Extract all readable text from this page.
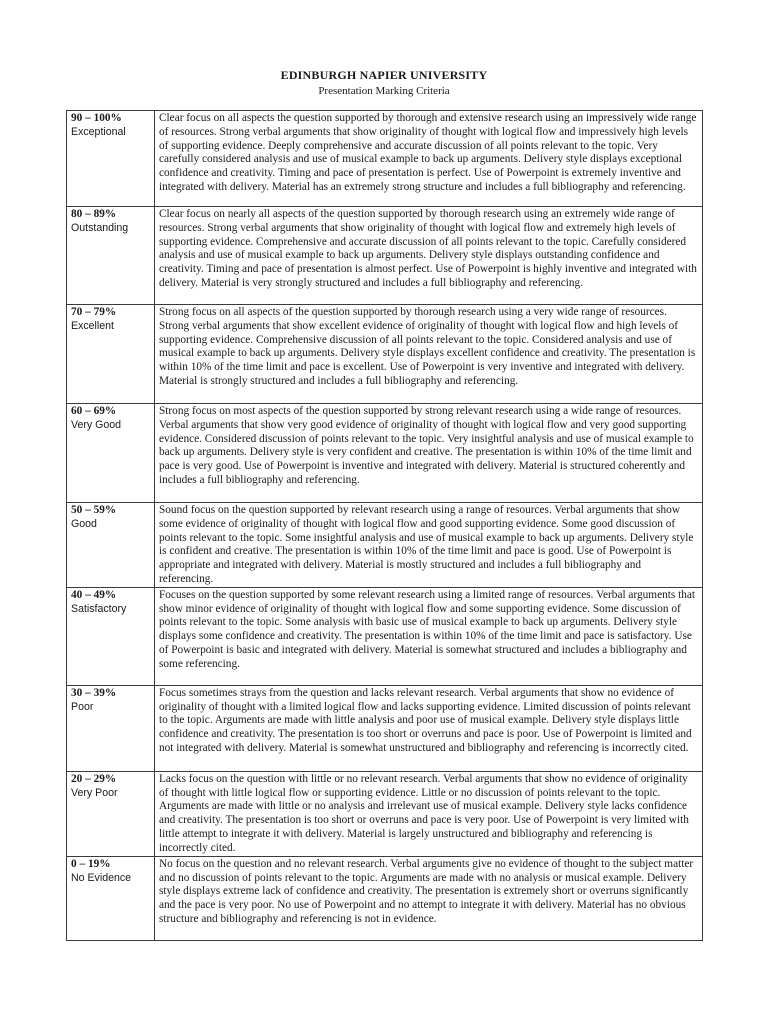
EDINBURGH NAPIER UNIVERSITY
Presentation Marking Criteria
90 – 100%
Exceptional	Clear focus on all aspects the question supported by thorough and extensive research using an impressively wide range of resources. Strong verbal arguments that show originality of thought with logical flow and impressively high levels of supporting evidence. Deeply comprehensive and accurate discussion of all points relevant to the topic. Very carefully considered analysis and use of musical example to back up arguments. Delivery style displays exceptional confidence and creativity. Timing and pace of presentation is perfect. Use of Powerpoint is extremely inventive and integrated with delivery. Material has an extremely strong structure and includes a full bibliography and referencing.

80 – 89%
Outstanding	Clear focus on nearly all aspects of the question supported by thorough research using an extremely wide range of resources. Strong verbal arguments that show originality of thought with logical flow and extremely high levels of supporting evidence. Comprehensive and accurate discussion of all points relevant to the topic. Carefully considered analysis and use of musical example to back up arguments. Delivery style displays outstanding confidence and creativity. Timing and pace of presentation is almost perfect. Use of Powerpoint is highly inventive and integrated with delivery. Material is very strongly structured and includes a full bibliography and referencing.

70 – 79%
Excellent	Strong focus on all aspects of the question supported by thorough research using a very wide range of resources. Strong verbal arguments that show excellent evidence of originality of thought with logical flow and high levels of supporting evidence. Comprehensive discussion of all points relevant to the topic. Considered analysis and use of musical example to back up arguments. Delivery style displays excellent confidence and creativity. The presentation is within 10% of the time limit and pace is excellent. Use of Powerpoint is very inventive and integrated with delivery. Material is strongly structured and includes a full bibliography and referencing.

60 – 69%
Very Good	Strong focus on most aspects of the question supported by strong relevant research using a wide range of resources. Verbal arguments that show very good evidence of originality of thought with logical flow and very good supporting evidence. Considered discussion of points relevant to the topic. Very insightful analysis and use of musical example to back up arguments. Delivery style is very confident and creative. The presentation is within 10% of the time limit and pace is very good. Use of Powerpoint is inventive and integrated with delivery. Material is structured coherently and includes a full bibliography and referencing.

50 – 59%
Good	Sound focus on the question supported by relevant research using a range of resources. Verbal arguments that show some evidence of originality of thought with logical flow and good supporting evidence. Some good discussion of points relevant to the topic. Some insightful analysis and use of musical example to back up arguments. Delivery style is confident and creative. The presentation is within 10% of the time limit and pace is good. Use of Powerpoint is appropriate and integrated with delivery. Material is mostly structured and includes a full bibliography and referencing.

40 – 49%
Satisfactory	Focuses on the question supported by some relevant research using a limited range of resources. Verbal arguments that show minor evidence of originality of thought with logical flow and some supporting evidence. Some discussion of points relevant to the topic. Some analysis with basic use of musical example to back up arguments. Delivery style displays some confidence and creativity. The presentation is within 10% of the time limit and pace is satisfactory. Use of Powerpoint is basic and integrated with delivery. Material is somewhat structured and includes a bibliography and some referencing.

30 – 39%
Poor	Focus sometimes strays from the question and lacks relevant research. Verbal arguments that show no evidence of originality of thought with a limited logical flow and lacks supporting evidence. Limited discussion of points relevant to the topic. Arguments are made with little analysis and poor use of musical example. Delivery style displays little confidence and creativity. The presentation is too short or overruns and pace is poor. Use of Powerpoint is limited and not integrated with delivery. Material is somewhat unstructured and bibliography and referencing is incorrectly cited.

20 – 29%
Very Poor	Lacks focus on the question with little or no relevant research. Verbal arguments that show no evidence of originality of thought with little logical flow or supporting evidence. Little or no discussion of points relevant to the topic. Arguments are made with little or no analysis and irrelevant use of musical example. Delivery style lacks confidence and creativity. The presentation is too short or overruns and pace is very poor. Use of Powerpoint is very limited with little attempt to integrate it with delivery. Material is largely unstructured and bibliography and referencing is incorrectly cited.

0 – 19%
No Evidence	No focus on the question and no relevant research. Verbal arguments give no evidence of thought to the subject matter and no discussion of points relevant to the topic. Arguments are made with no analysis or musical example. Delivery style displays extreme lack of confidence and creativity. The presentation is extremely short or overruns significantly and the pace is very poor. No use of Powerpoint and no attempt to integrate it with delivery. Material has no obvious structure and bibliography and referencing is not in evidence.
